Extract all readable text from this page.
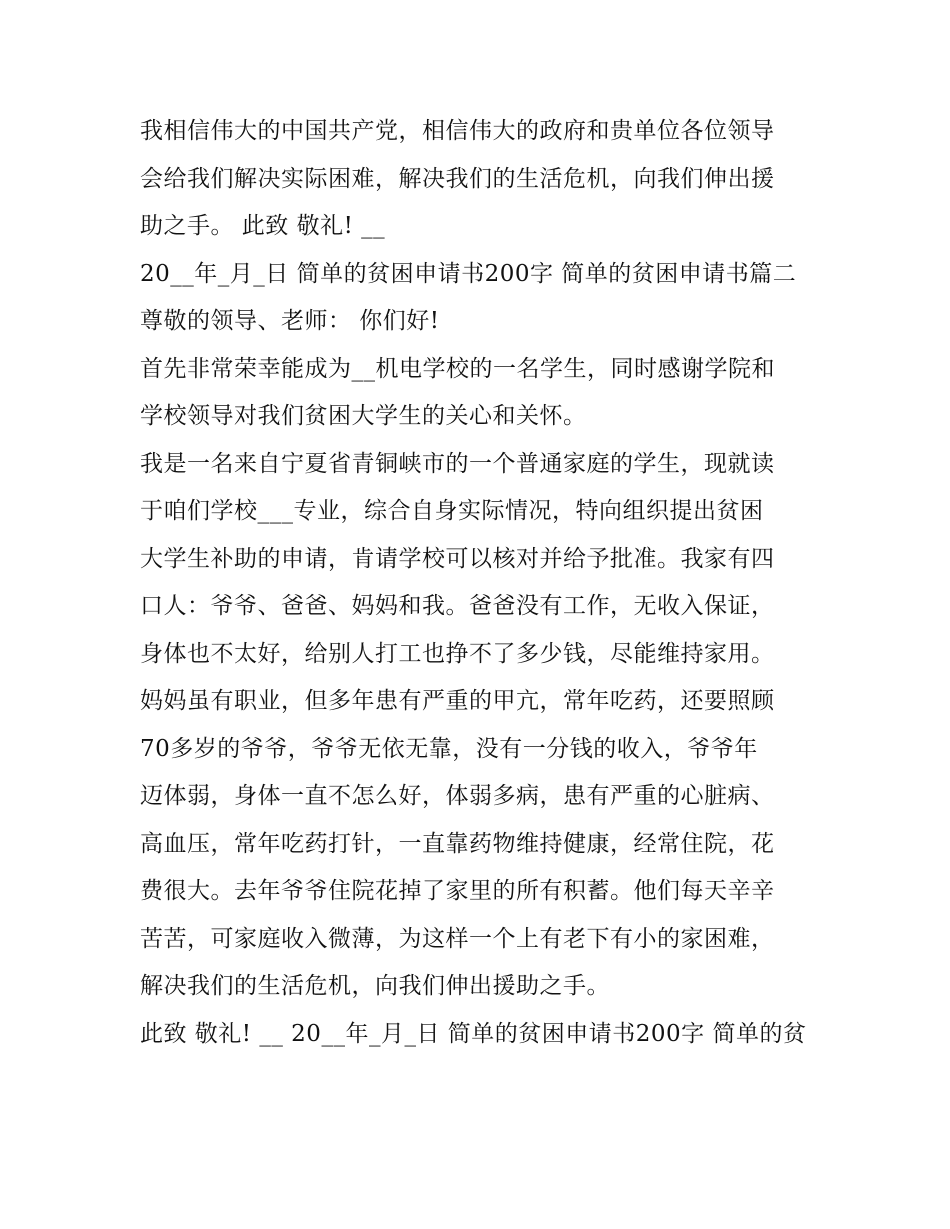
我相信伟大的中国共产党，相信伟大的政府和贵单位各位领导
会给我们解决实际困难，解决我们的生活危机，向我们伸出援
助之手。 此致 敬礼! __
20__年_月_日 简单的贫困申请书200字 简单的贫困申请书篇二
尊敬的领导、老师： 你们好!
首先非常荣幸能成为__机电学校的一名学生，同时感谢学院和
学校领导对我们贫困大学生的关心和关怀。
我是一名来自宁夏省青铜峡市的一个普通家庭的学生，现就读
于咱们学校___专业，综合自身实际情况，特向组织提出贫困
大学生补助的申请，肯请学校可以核对并给予批准。我家有四
口人：爷爷、爸爸、妈妈和我。爸爸没有工作，无收入保证，
身体也不太好，给别人打工也挣不了多少钱，尽能维持家用。
妈妈虽有职业，但多年患有严重的甲亢，常年吃药，还要照顾
70多岁的爷爷，爷爷无依无靠，没有一分钱的收入，爷爷年
迈体弱，身体一直不怎么好，体弱多病，患有严重的心脏病、
高血压，常年吃药打针，一直靠药物维持健康，经常住院，花
费很大。去年爷爷住院花掉了家里的所有积蓄。他们每天辛辛
苦苦，可家庭收入微薄，为这样一个上有老下有小的家困难，
解决我们的生活危机，向我们伸出援助之手。
此致 敬礼! __ 20__年_月_日 简单的贫困申请书200字 简单的贫
